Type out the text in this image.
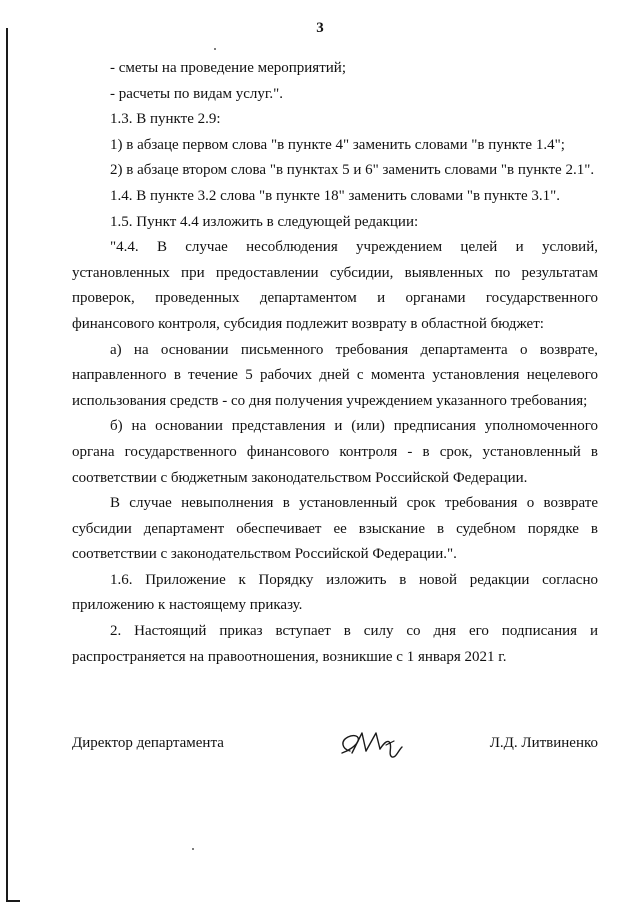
3
- сметы на проведение мероприятий;
- расчеты по видам услуг.".
1.3. В пункте 2.9:
1) в абзаце первом слова "в пункте 4" заменить словами "в пункте 1.4";
2) в абзаце втором слова "в пунктах 5 и 6" заменить словами "в пункте 2.1".
1.4. В пункте 3.2 слова "в пункте 18" заменить словами "в пункте 3.1".
1.5. Пункт 4.4 изложить в следующей редакции:
"4.4. В случае несоблюдения учреждением целей и условий,
установленных при предоставлении субсидии, выявленных по результатам
проверок, проведенных департаментом и органами государственного
финансового контроля, субсидия подлежит возврату в областной бюджет:
а) на основании письменного требования департамента о возврате,
направленного в течение 5 рабочих дней с момента установления нецелевого
использования средств - со дня получения учреждением указанного требования;
б) на основании представления и (или) предписания уполномоченного
органа государственного финансового контроля - в срок, установленный в
соответствии с бюджетным законодательством Российской Федерации.
В случае невыполнения в установленный срок требования о возврате
субсидии департамент обеспечивает ее взыскание в судебном порядке в
соответствии с законодательством Российской Федерации.".
1.6. Приложение к Порядку изложить в новой редакции согласно
приложению к настоящему приказу.
2. Настоящий приказ вступает в силу со дня его подписания и
распространяется на правоотношения, возникшие с 1 января 2021 г.
Директор департамента	Л.Д. Литвиненко
